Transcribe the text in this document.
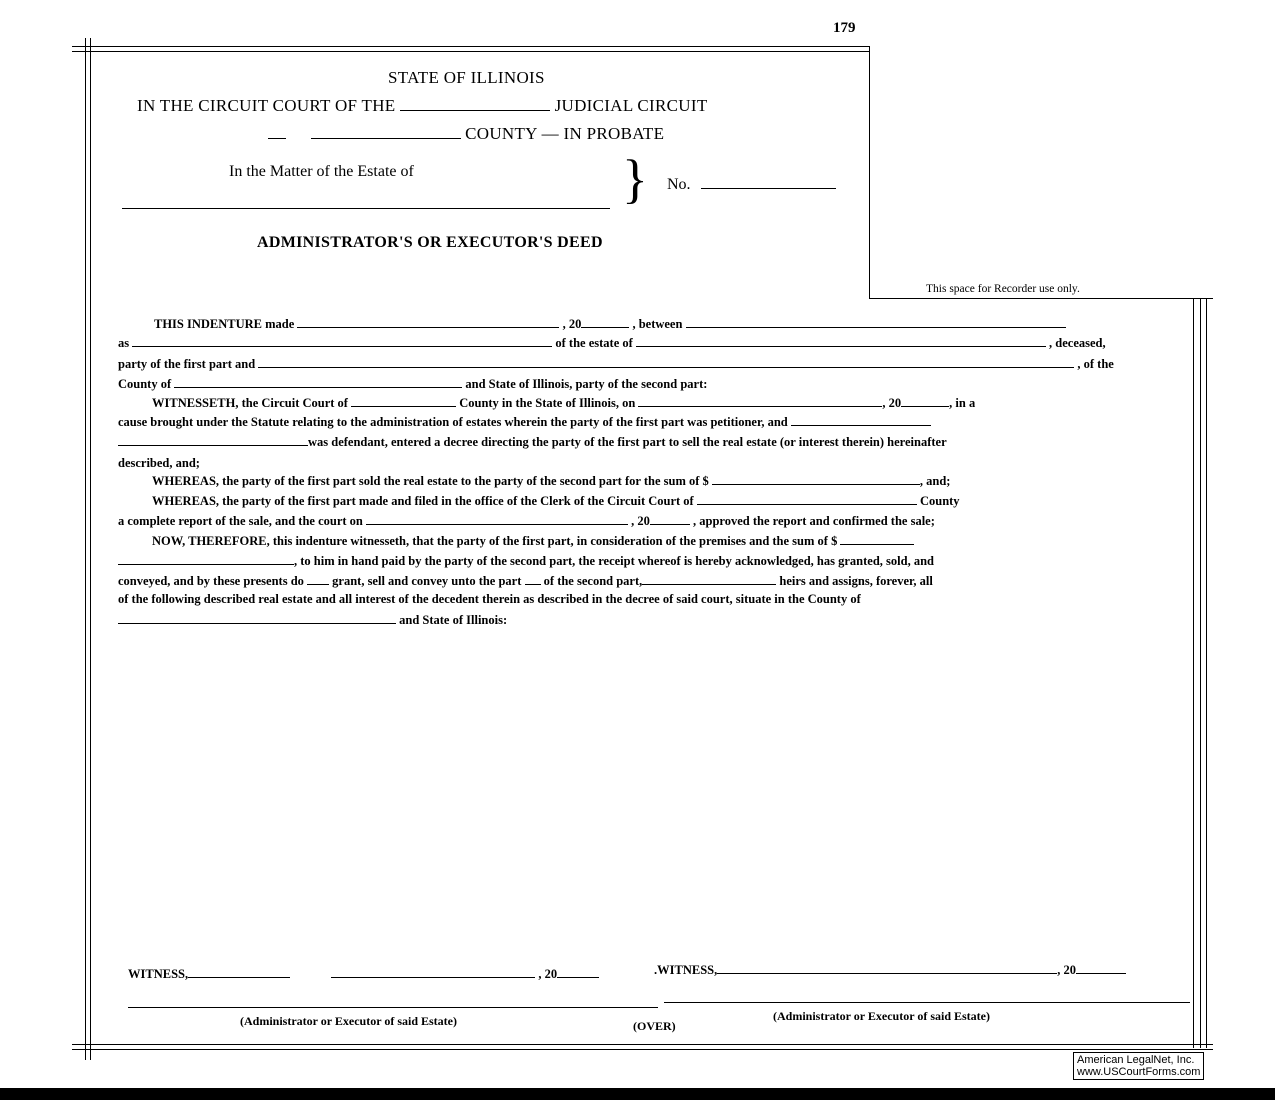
179
STATE OF ILLINOIS
IN THE CIRCUIT COURT OF THE	JUDICIAL CIRCUIT
COUNTY — IN PROBATE
In the Matter of the Estate of	} No.
ADMINISTRATOR'S OR EXECUTOR'S DEED
This space for Recorder use only.
THIS INDENTURE made	, 20	, between
as	of the estate of	, deceased,
party of the first part and	, of the
County of	and State of Illinois, party of the second part:
WITNESSETH, the Circuit Court of	County in the State of Illinois, on	, 20	, in a
cause brought under the Statute relating to the administration of estates wherein the party of the first part was petitioner, and
was defendant, entered a decree directing the party of the first part to sell the real estate (or interest therein) hereinafter
described, and;
WHEREAS, the party of the first part sold the real estate to the party of the second part for the sum of $	, and;
WHEREAS, the party of the first part made and filed in the office of the Clerk of the Circuit Court of	County
a complete report of the sale, and the court on	, 20	, approved the report and confirmed the sale;
NOW, THEREFORE, this indenture witnesseth, that the party of the first part, in consideration of the premises and the sum of $
, to him in hand paid by the party of the second part, the receipt whereof is hereby acknowledged, has granted, sold, and
conveyed, and by these presents do grant, sell and convey unto the part of the second part,	heirs and assigns, forever, all
of the following described real estate and all interest of the decedent therein as described in the decree of said court, situate in the County of
and State of Illinois:
WITNESS,	, 20	.WITNESS,	, 20
(Administrator or Executor of said Estate)	(OVER)
(Administrator or Executor of said Estate)
American LegalNet, Inc.
www.USCourtForms.com
